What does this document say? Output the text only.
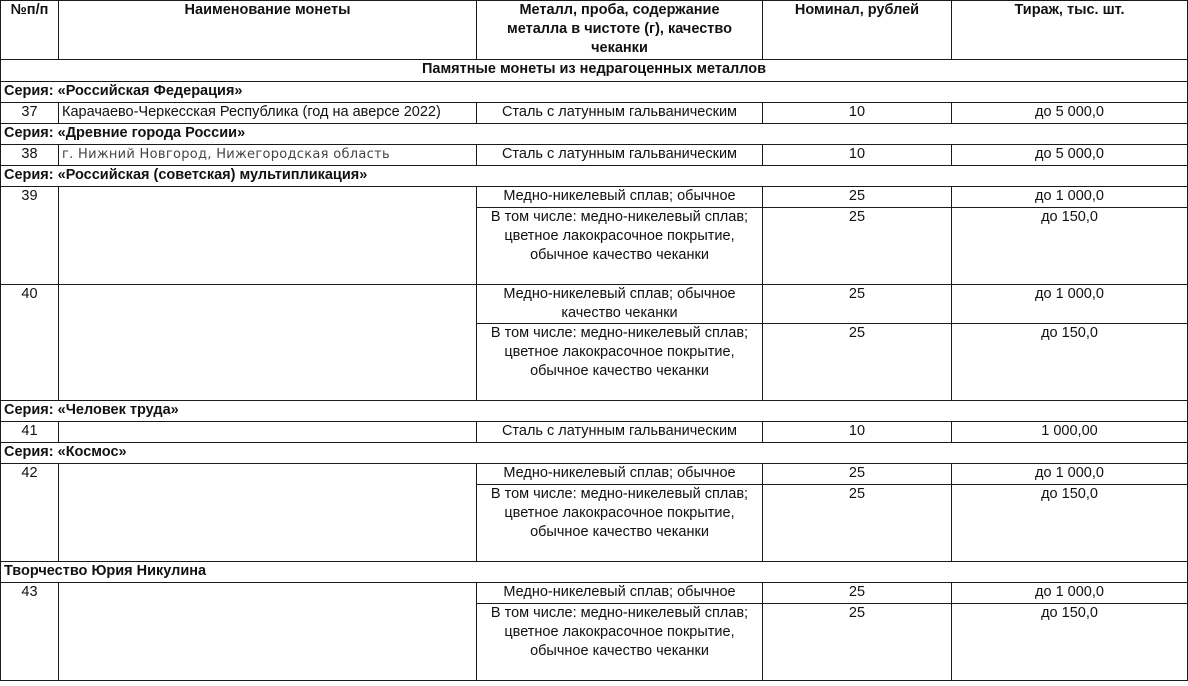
№п/п	Наименование монеты	Металл, проба, содержание
металла в чистоте (г), качество
чеканки	Номинал, рублей	Тираж, тыс. шт.
Памятные монеты из недрагоценных металлов				
Серия: «Российская Федерация»				
37	Карачаево-Черкесская Республика (год на аверсе 2022)	Сталь с латунным гальваническим	10	до 5 000,0
Серия: «Древние города России»				
38	г. Нижний Новгород, Нижегородская область	Сталь с латунным гальваническим	10	до 5 000,0
Серия: «Российская (советская) мультипликация»				
39		Медно-никелевый сплав; обычное	25	до 1 000,0

		В том числе: медно-никелевый сплав;
цветное лакокрасочное покрытие,
обычное качество чеканки	25	до 150,0
40		Медно-никелевый сплав; обычное
качество чеканки	25	до 1 000,0

		В том числе: медно-никелевый сплав;
цветное лакокрасочное покрытие,
обычное качество чеканки	25	до 150,0
Серия: «Человек труда»				
41		Сталь с латунным гальваническим	10	1 000,00
Серия: «Космос»				
42		Медно-никелевый сплав; обычное	25	до 1 000,0

		В том числе: медно-никелевый сплав;
цветное лакокрасочное покрытие,
обычное качество чеканки	25	до 150,0
Творчество Юрия Никулина				
43		Медно-никелевый сплав; обычное	25	до 1 000,0

		В том числе: медно-никелевый сплав;
цветное лакокрасочное покрытие,
обычное качество чеканки	25	до 150,0
